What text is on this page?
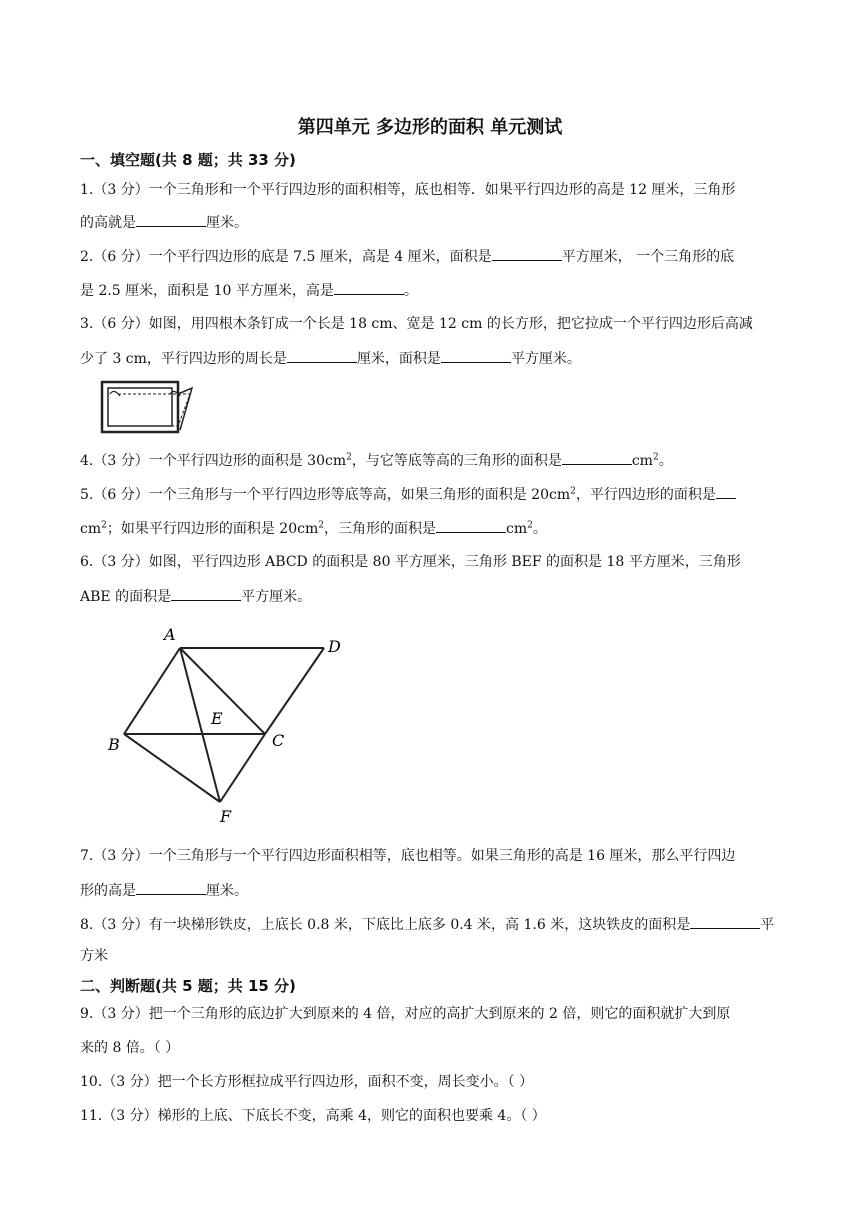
第四单元 多边形的面积 单元测试
一、填空题(共 8 题；共 33 分)
1.（3 分）一个三角形和一个平行四边形的面积相等，底也相等．如果平行四边形的高是 12 厘米，三角形
的高就是	厘米。
2.（6 分）一个平行四边形的底是 7.5 厘米，高是 4 厘米，面积是	平方厘米， 一个三角形的底
是 2.5 厘米，面积是 10 平方厘米，高是	。
3.（6 分）如图，用四根木条钉成一个长是 18 cm、宽是 12 cm 的长方形，把它拉成一个平行四边形后高减
少了 3 cm，平行四边形的周长是	厘米，面积是	平方厘米。
4.（3 分）一个平行四边形的面积是 $30cm^2$，与它等底等高的三角形的面积是	$cm^2$。
5.（6 分）一个三角形与一个平行四边形等底等高，如果三角形的面积是 $20cm^2$，平行四边形的面积是
$cm^2$；如果平行四边形的面积是 $20cm^2$，三角形的面积是	$cm^2$。
6.（3 分）如图，平行四边形 ABCD 的面积是 80 平方厘米，三角形 BEF 的面积是 18 平方厘米，三角形
ABE 的面积是	平方厘米。
A
D
B	C
E
F
7.（3 分）一个三角形与一个平行四边形面积相等，底也相等。如果三角形的高是 16 厘米，那么平行四边
形的高是	厘米。
8.（3 分）有一块梯形铁皮，上底长 0.8 米，下底比上底多 0.4 米，高 1.6 米，这块铁皮的面积是	平
方米
二、判断题(共 5 题；共 15 分)
9.（3 分）把一个三角形的底边扩大到原来的 4 倍，对应的高扩大到原来的 2 倍，则它的面积就扩大到原
来的 8 倍。（ ）
10.（3 分）把一个长方形框拉成平行四边形，面积不变，周长变小。（ ）
11.（3 分）梯形的上底、下底长不变，高乘 4，则它的面积也要乘 4。（ ）
